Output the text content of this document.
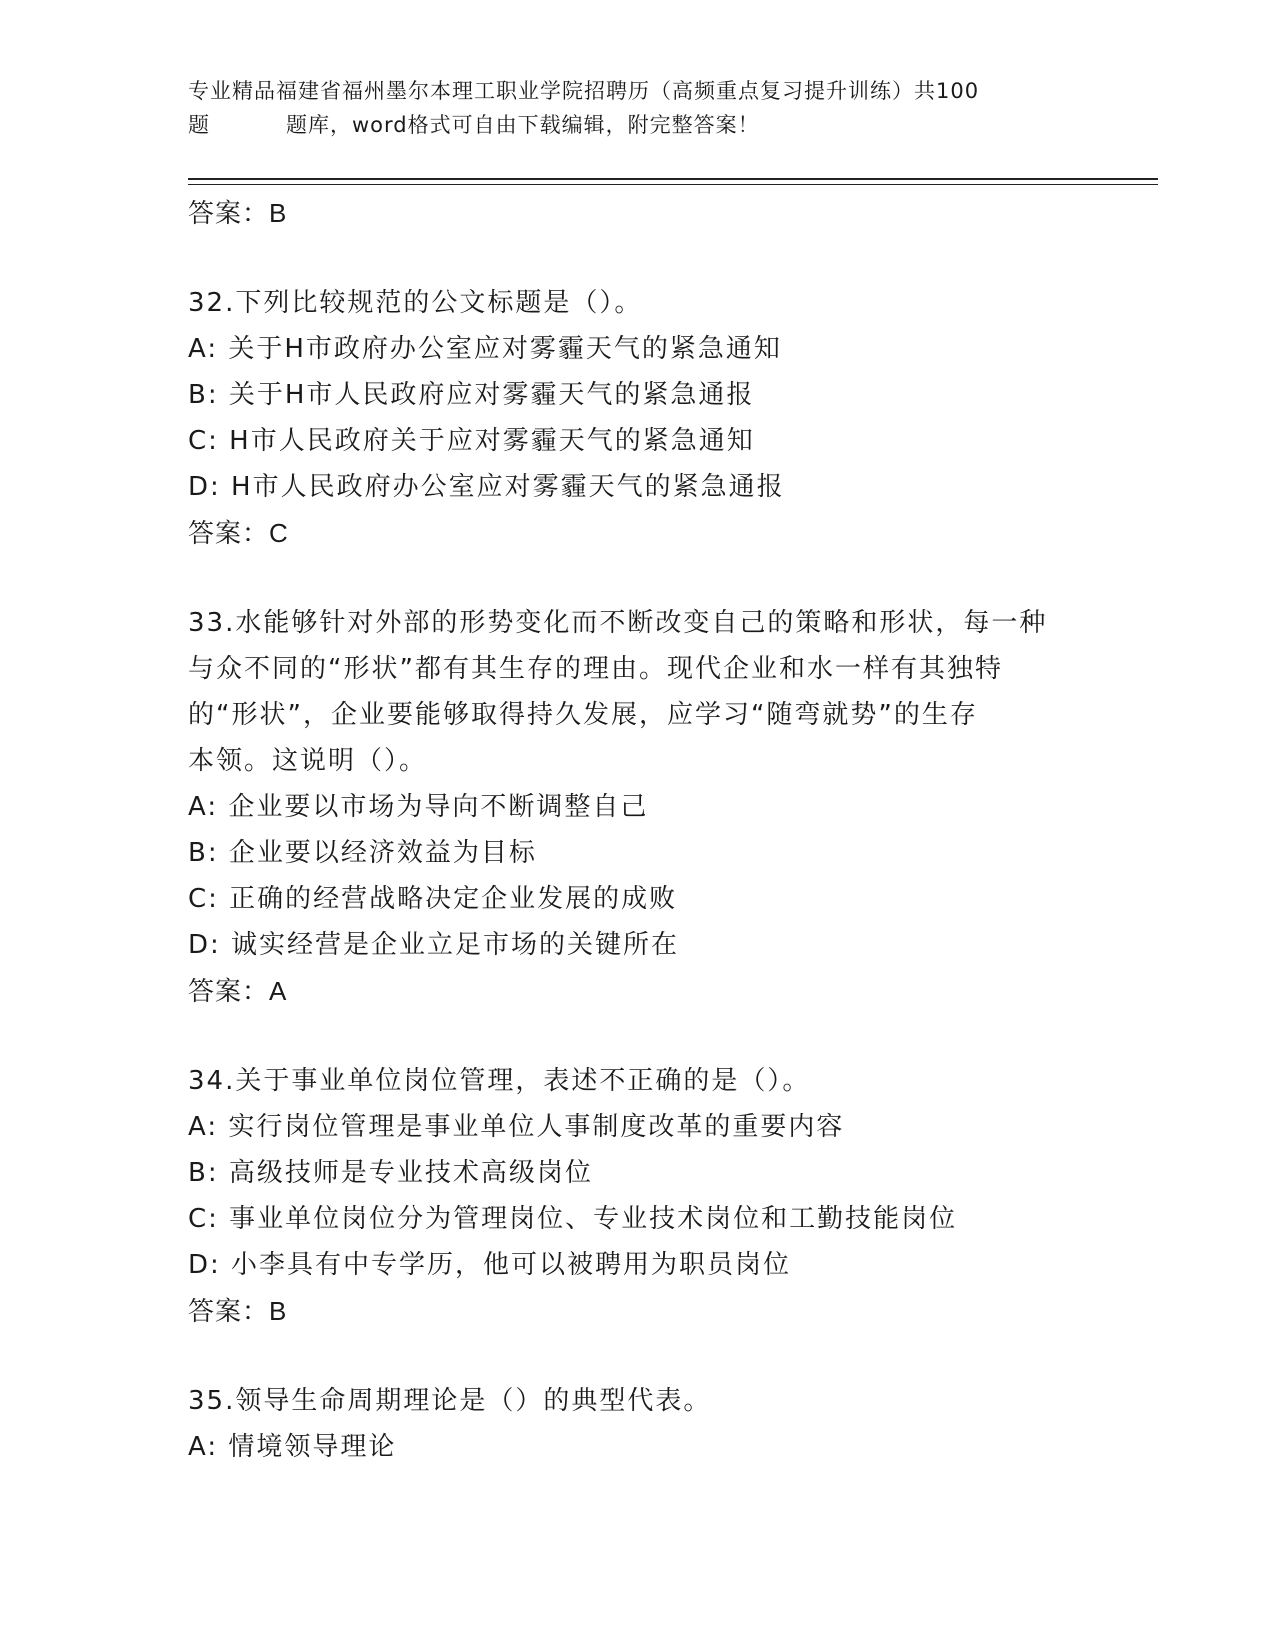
专业精品福建省福州墨尔本理工职业学院招聘历（高频重点复习提升训练）共100
题	题库，word格式可自由下载编辑，附完整答案！
答案：B
32.下列比较规范的公文标题是（）。
A: 关于H市政府办公室应对雾霾天气的紧急通知
B: 关于H市人民政府应对雾霾天气的紧急通报
C: H市人民政府关于应对雾霾天气的紧急通知
D: H市人民政府办公室应对雾霾天气的紧急通报
答案：C
33.水能够针对外部的形势变化而不断改变自己的策略和形状，每一种
与众不同的“形状”都有其生存的理由。现代企业和水一样有其独特
的“形状”，企业要能够取得持久发展，应学习“随弯就势”的生存
本领。这说明（）。
A: 企业要以市场为导向不断调整自己
B: 企业要以经济效益为目标
C: 正确的经营战略决定企业发展的成败
D: 诚实经营是企业立足市场的关键所在
答案：A
34.关于事业单位岗位管理，表述不正确的是（）。
A: 实行岗位管理是事业单位人事制度改革的重要内容
B: 高级技师是专业技术高级岗位
C: 事业单位岗位分为管理岗位、专业技术岗位和工勤技能岗位
D: 小李具有中专学历，他可以被聘用为职员岗位
答案：B
35.领导生命周期理论是（）的典型代表。
A: 情境领导理论
